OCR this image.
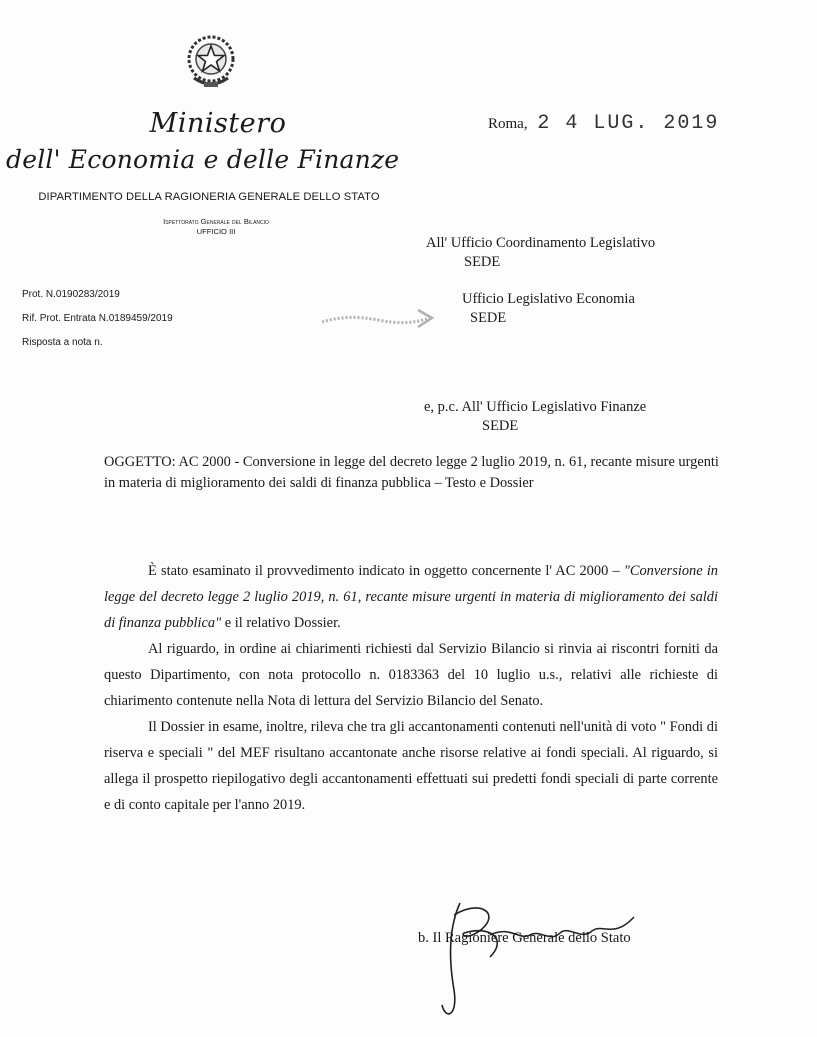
Ministero
dell' Economia e delle Finanze
DIPARTIMENTO DELLA RAGIONERIA GENERALE DELLO STATO
Ispettorato Generale del Bilancio
UFFICIO III
Prot. N.0190283/2019
Rif. Prot. Entrata N.0189459/2019
Risposta a nota n.
Roma, 2 4 LUG. 2019
All' Ufficio Coordinamento Legislativo
SEDE
Ufficio Legislativo Economia
SEDE
e, p.c. All' Ufficio Legislativo Finanze
SEDE
OGGETTO: AC 2000 - Conversione in legge del decreto legge 2 luglio 2019, n. 61, recante misure urgenti in materia di miglioramento dei saldi di finanza pubblica – Testo e Dossier

È stato esaminato il provvedimento indicato in oggetto concernente l' AC 2000 – "Conversione in legge del decreto legge 2 luglio 2019, n. 61, recante misure urgenti in materia di miglioramento dei saldi di finanza pubblica" e il relativo Dossier.

Al riguardo, in ordine ai chiarimenti richiesti dal Servizio Bilancio si rinvia ai riscontri forniti da questo Dipartimento, con nota protocollo n. 0183363 del 10 luglio u.s., relativi alle richieste di chiarimento contenute nella Nota di lettura del Servizio Bilancio del Senato.

Il Dossier in esame, inoltre, rileva che tra gli accantonamenti contenuti nell'unità di voto " Fondi di riserva e speciali " del MEF risultano accantonate anche risorse relative ai fondi speciali. Al riguardo, si allega il prospetto riepilogativo degli accantonamenti effettuati sui predetti fondi speciali di parte corrente e di conto capitale per l'anno 2019.

b. Il Ragioniere Generale dello Stato
